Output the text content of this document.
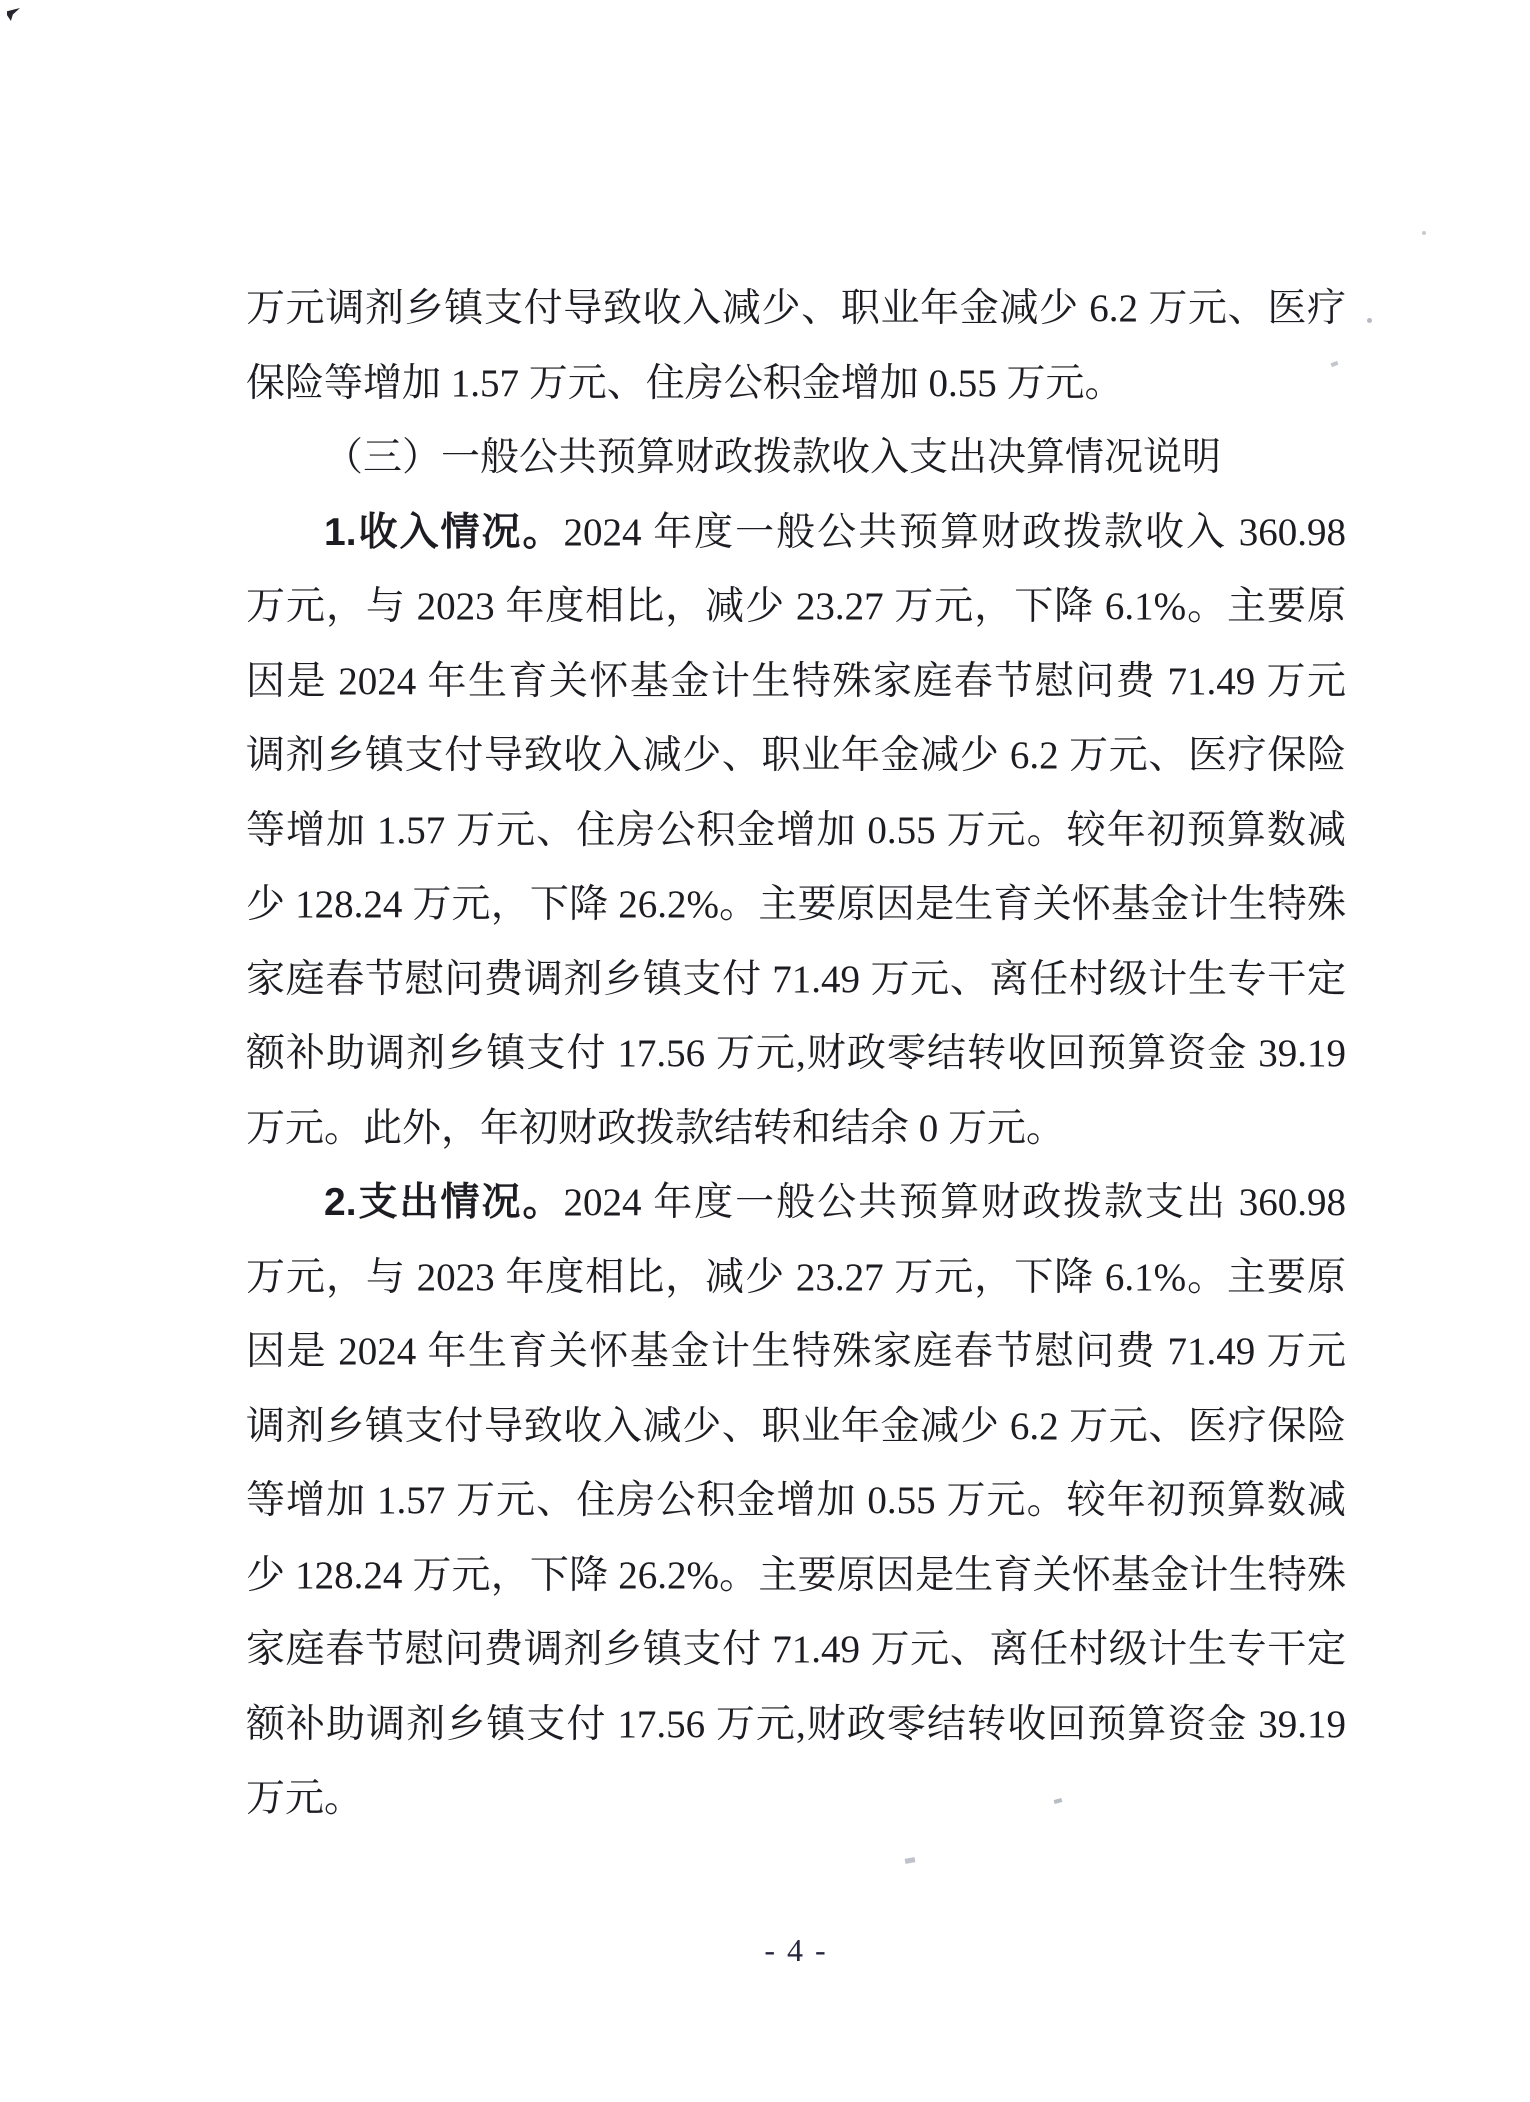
万元调剂乡镇支付导致收入减少、职业年金减少 6.2 万元、医疗
保险等增加 1.57 万元、住房公积金增加 0.55 万元。
（三）一般公共预算财政拨款收入支出决算情况说明
1.收入情况。2024 年度一般公共预算财政拨款收入 360.98
万元，与 2023 年度相比，减少 23.27 万元，下降 6.1%。主要原
因是 2024 年生育关怀基金计生特殊家庭春节慰问费 71.49 万元
调剂乡镇支付导致收入减少、职业年金减少 6.2 万元、医疗保险
等增加 1.57 万元、住房公积金增加 0.55 万元。较年初预算数减
少 128.24 万元，下降 26.2%。主要原因是生育关怀基金计生特殊
家庭春节慰问费调剂乡镇支付 71.49 万元、离任村级计生专干定
额补助调剂乡镇支付 17.56 万元,财政零结转收回预算资金 39.19
万元。此外，年初财政拨款结转和结余 0 万元。
2.支出情况。2024 年度一般公共预算财政拨款支出 360.98
万元，与 2023 年度相比，减少 23.27 万元，下降 6.1%。主要原
因是 2024 年生育关怀基金计生特殊家庭春节慰问费 71.49 万元
调剂乡镇支付导致收入减少、职业年金减少 6.2 万元、医疗保险
等增加 1.57 万元、住房公积金增加 0.55 万元。较年初预算数减
少 128.24 万元，下降 26.2%。主要原因是生育关怀基金计生特殊
家庭春节慰问费调剂乡镇支付 71.49 万元、离任村级计生专干定
额补助调剂乡镇支付 17.56 万元,财政零结转收回预算资金 39.19
万元。
- 4 -
